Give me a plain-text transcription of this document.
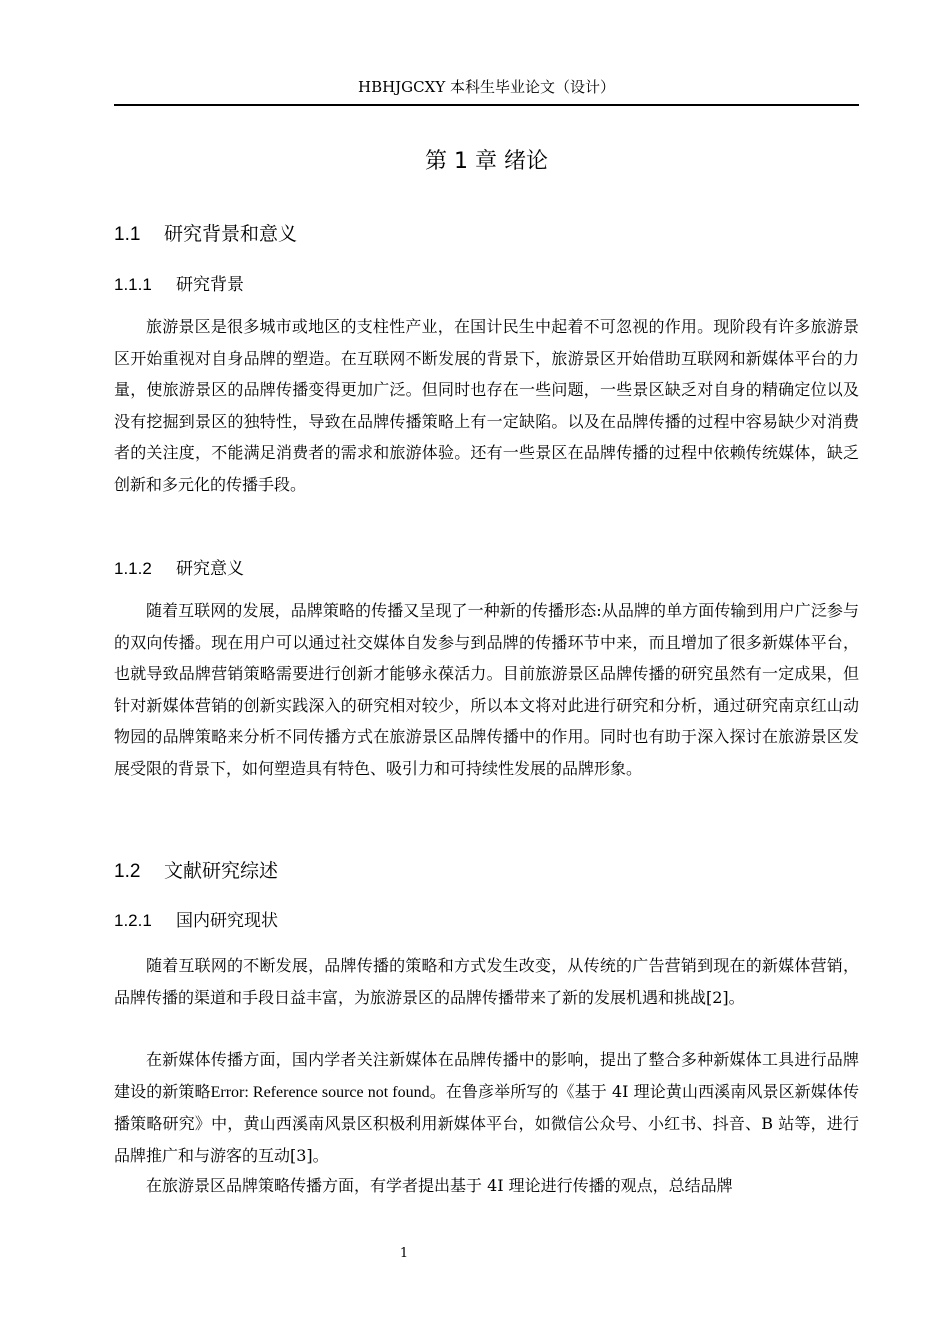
HBHJGCXY 本科生毕业论文（设计）
第 1 章 绪论
1.1 研究背景和意义
1.1.1 研究背景

旅游景区是很多城市或地区的支柱性产业，在国计民生中起着不可忽视的作用。现阶段有许多旅游景区开始重视对自身品牌的塑造。在互联网不断发展的背景下，旅游景区开始借助互联网和新媒体平台的力量，使旅游景区的品牌传播变得更加广泛。但同时也存在一些问题，一些景区缺乏对自身的精确定位以及没有挖掘到景区的独特性，导致在品牌传播策略上有一定缺陷。以及在品牌传播的过程中容易缺少对消费者的关注度，不能满足消费者的需求和旅游体验。还有一些景区在品牌传播的过程中依赖传统媒体，缺乏创新和多元化的传播手段。

1.1.2 研究意义

随着互联网的发展，品牌策略的传播又呈现了一种新的传播形态:从品牌的单方面传输到用户广泛参与的双向传播。现在用户可以通过社交媒体自发参与到品牌的传播环节中来，而且增加了很多新媒体平台，也就导致品牌营销策略需要进行创新才能够永葆活力。目前旅游景区品牌传播的研究虽然有一定成果，但针对新媒体营销的创新实践深入的研究相对较少，所以本文将对此进行研究和分析，通过研究南京红山动物园的品牌策略来分析不同传播方式在旅游景区品牌传播中的作用。同时也有助于深入探讨在旅游景区发展受限的背景下，如何塑造具有特色、吸引力和可持续性发展的品牌形象。

1.2 文献研究综述
1.2.1 国内研究现状

随着互联网的不断发展，品牌传播的策略和方式发生改变，从传统的广告营销到现在的新媒体营销，品牌传播的渠道和手段日益丰富，为旅游景区的品牌传播带来了新的发展机遇和挑战[2]。

在新媒体传播方面，国内学者关注新媒体在品牌传播中的影响，提出了整合多种新媒体工具进行品牌建设的新策略Error: Reference source not found。在鲁彦举所写的《基于 4I 理论黄山西溪南风景区新媒体传播策略研究》中，黄山西溪南风景区积极利用新媒体平台，如微信公众号、小红书、抖音、B 站等，进行品牌推广和与游客的互动[3]。

在旅游景区品牌策略传播方面，有学者提出基于 4I 理论进行传播的观点，总结品牌

1
